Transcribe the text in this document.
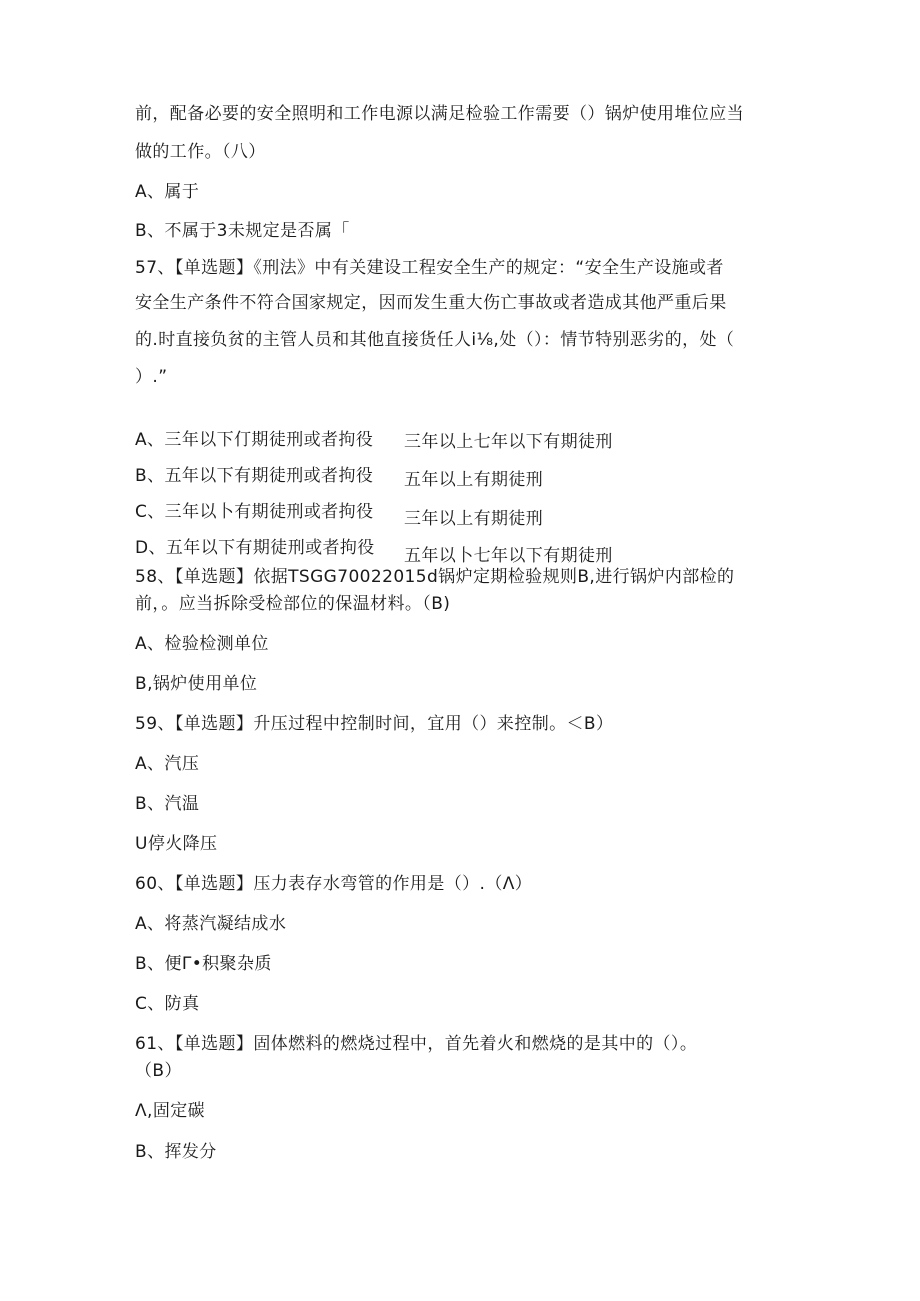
前，配备必要的安全照明和工作电源以满足检验工作需要（）锅炉使用堆位应当
做的工作。（八）
A、属于
B、不属于3未规定是否属「
57、【单选题】《刑法》中有关建设工程安全生产的规定：“安全生产设施或者
安全生产条件不符合国家规定，因而发生重大伤亡事故或者造成其他严重后果
的.时直接负贫的主管人员和其他直接货任人i⅛,处（）：情节特别恶劣的，处（
）.”
A、三年以下仃期徒刑或者拘役 三年以上七年以下有期徒刑
B、五年以下有期徒刑或者拘役 五年以上有期徒刑
C、三年以卜有期徒刑或者拘役 三年以上有期徒刑
D、五年以下有期徒刑或者拘役 五年以卜七年以下有期徒刑
58、【单选题】依据TSGG70022015d锅炉定期检验规则B,进行锅炉内部检的
前，。应当拆除受检部位的保温材料。（B)
A、检验检测单位
B,锅炉使用单位
59、【单选题】升压过程中控制时间，宜用（）来控制。＜B）
A、汽压
B、汽温
U停火降压
60、【单选题】压力表存水弯管的作用是（）.（Λ）
A、将蒸汽凝结成水
B、便Γ•积聚杂质
C、防真
61、【单选题】固体燃料的燃烧过程中，首先着火和燃烧的是其中的（）。
（B）
Λ,固定碳
B、挥发分
